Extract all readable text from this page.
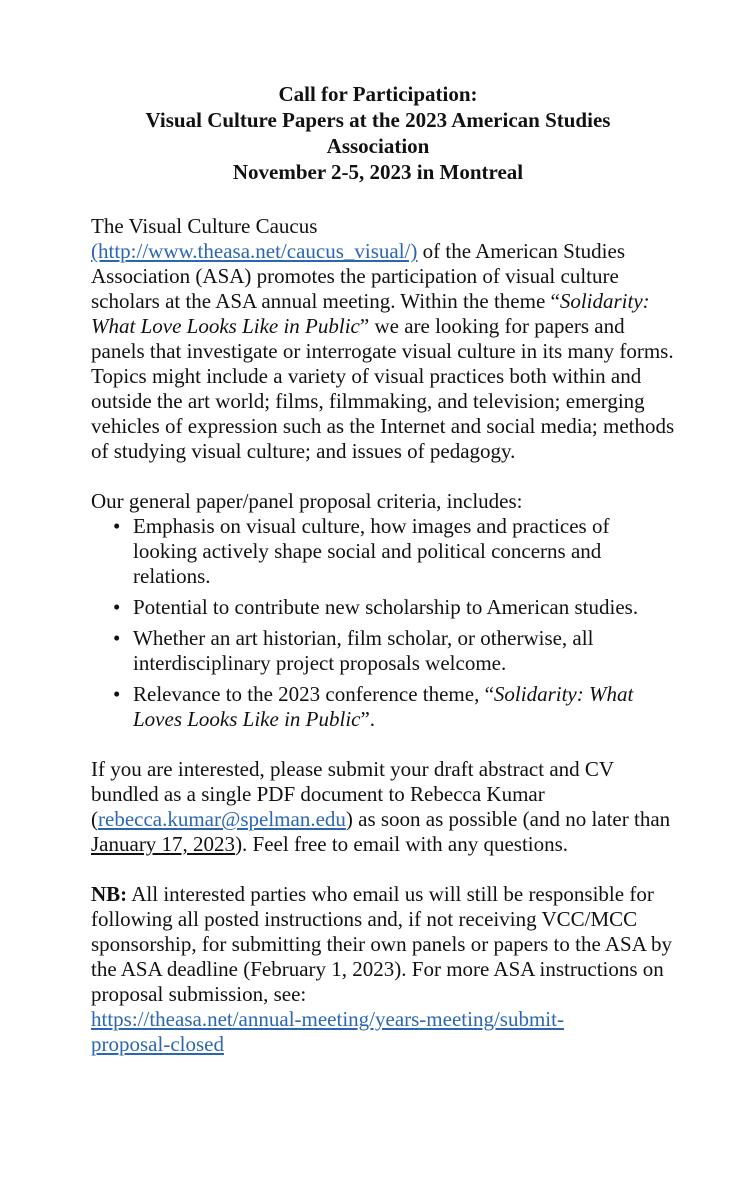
Call for Participation:
Visual Culture Papers at the 2023 American Studies
Association
November 2-5, 2023 in Montreal

The Visual Culture Caucus
(http://www.theasa.net/caucus_visual/) of the American Studies Association (ASA) promotes the participation of visual culture scholars at the ASA annual meeting. Within the theme “Solidarity: What Love Looks Like in Public” we are looking for papers and panels that investigate or interrogate visual culture in its many forms. Topics might include a variety of visual practices both within and outside the art world; films, filmmaking, and television; emerging vehicles of expression such as the Internet and social media; methods of studying visual culture; and issues of pedagogy.

Our general paper/panel proposal criteria, includes:

• Emphasis on visual culture, how images and practices of
looking actively shape social and political concerns and relations.
• Potential to contribute new scholarship to American studies.
• Whether an art historian, film scholar, or otherwise, all
interdisciplinary project proposals welcome.
• Relevance to the 2023 conference theme, “Solidarity: What
Loves Looks Like in Public”.

If you are interested, please submit your draft abstract and CV bundled as a single PDF document to Rebecca Kumar (rebecca.kumar@spelman.edu) as soon as possible (and no later than January 17, 2023). Feel free to email with any questions.

NB: All interested parties who email us will still be responsible for following all posted instructions and, if not receiving VCC/MCC sponsorship, for submitting their own panels or papers to the ASA by the ASA deadline (February 1, 2023). For more ASA instructions on proposal submission, see:
https://theasa.net/annual-meeting/years-meeting/submit-
proposal-closed
